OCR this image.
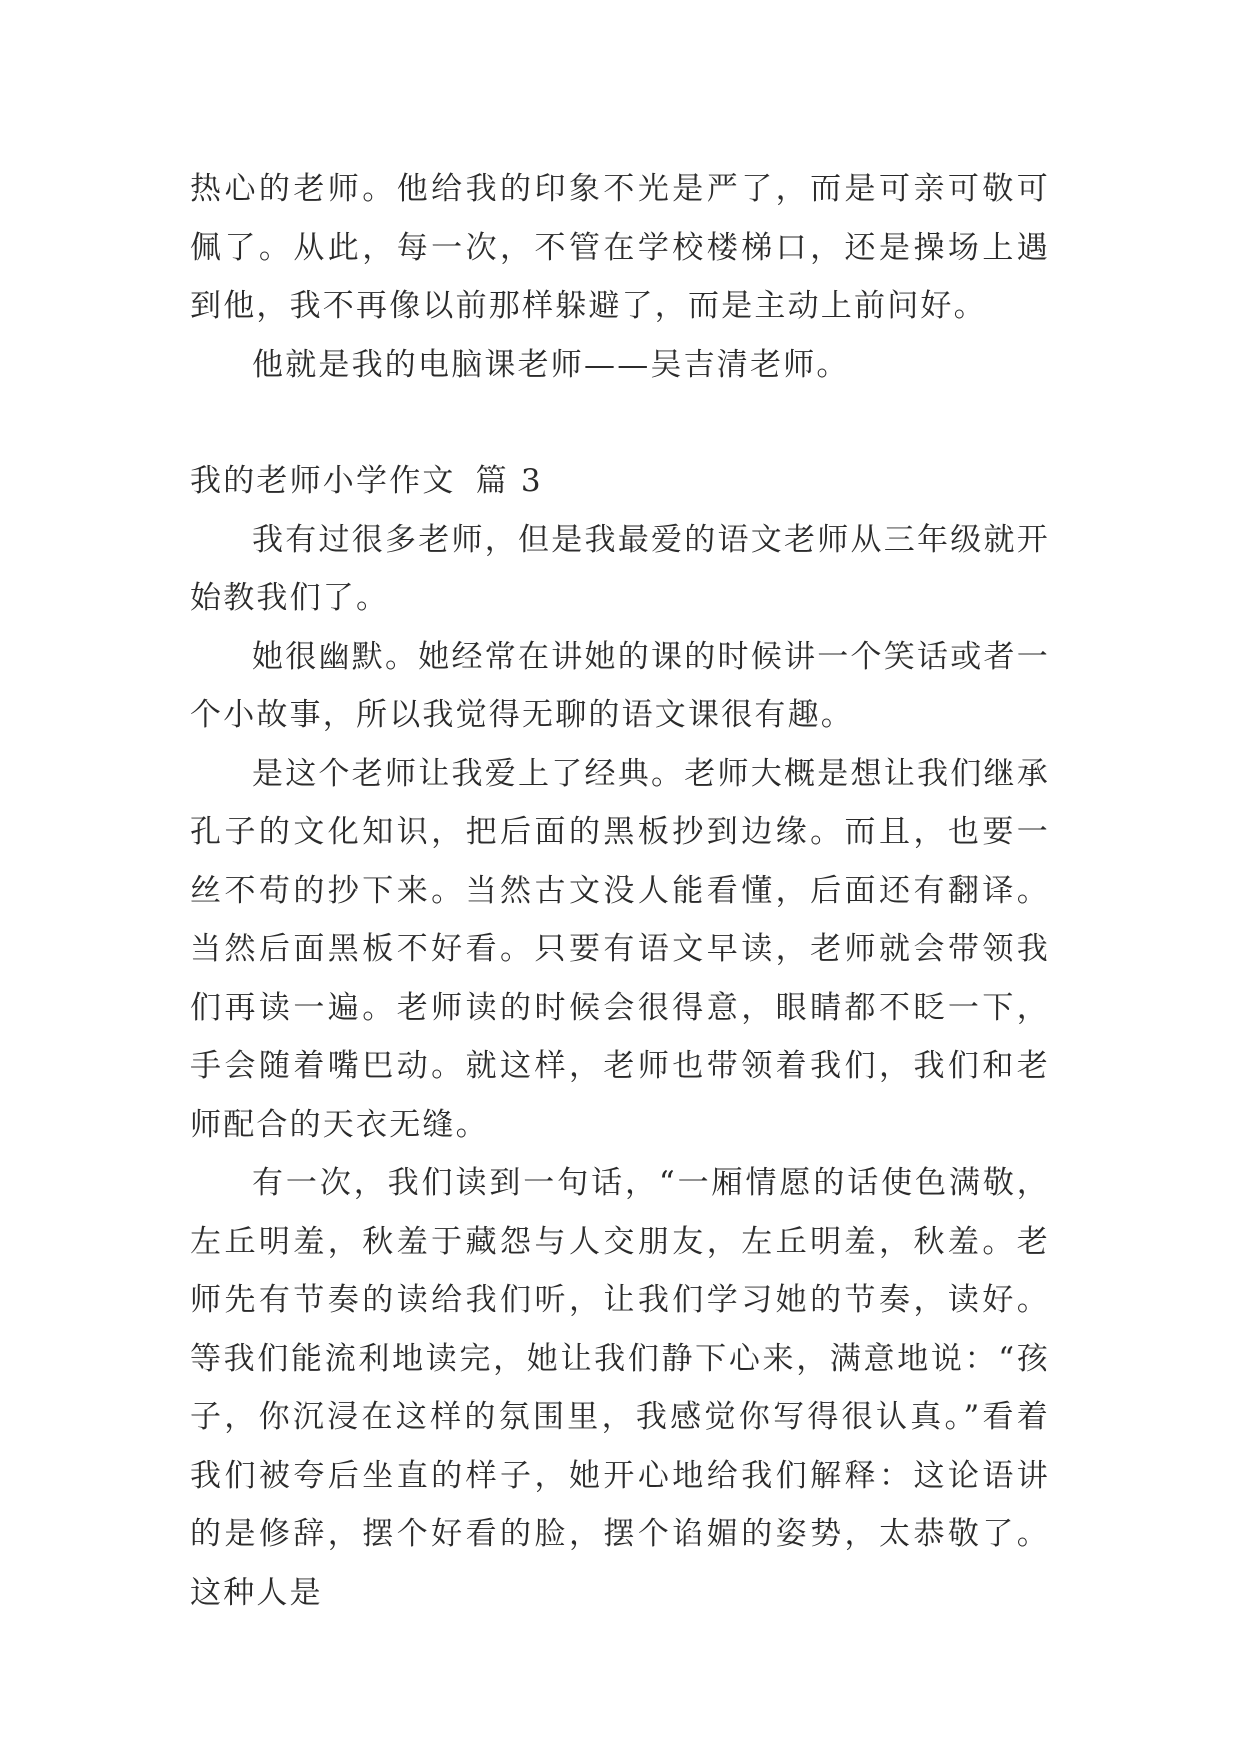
热心的老师。他给我的印象不光是严了，而是可亲可敬可佩了。从此，每一次，不管在学校楼梯口，还是操场上遇到他，我不再像以前那样躲避了，而是主动上前问好。

他就是我的电脑课老师——吴吉清老师。

我的老师小学作文 篇 3

我有过很多老师，但是我最爱的语文老师从三年级就开始教我们了。

她很幽默。她经常在讲她的课的时候讲一个笑话或者一个小故事，所以我觉得无聊的语文课很有趣。

是这个老师让我爱上了经典。老师大概是想让我们继承孔子的文化知识，把后面的黑板抄到边缘。而且，也要一丝不苟的抄下来。当然古文没人能看懂，后面还有翻译。当然后面黑板不好看。只要有语文早读，老师就会带领我们再读一遍。老师读的时候会很得意，眼睛都不眨一下，手会随着嘴巴动。就这样，老师也带领着我们，我们和老师配合的天衣无缝。

有一次，我们读到一句话，“一厢情愿的话使色满敬，左丘明羞，秋羞于藏怨与人交朋友，左丘明羞，秋羞。老师先有节奏的读给我们听，让我们学习她的节奏，读好。等我们能流利地读完，她让我们静下心来，满意地说：“孩子，你沉浸在这样的氛围里，我感觉你写得很认真。”看着我们被夸后坐直的样子，她开心地给我们解释：这论语讲的是修辞，摆个好看的脸，摆个谄媚的姿势，太恭敬了。这种人是
